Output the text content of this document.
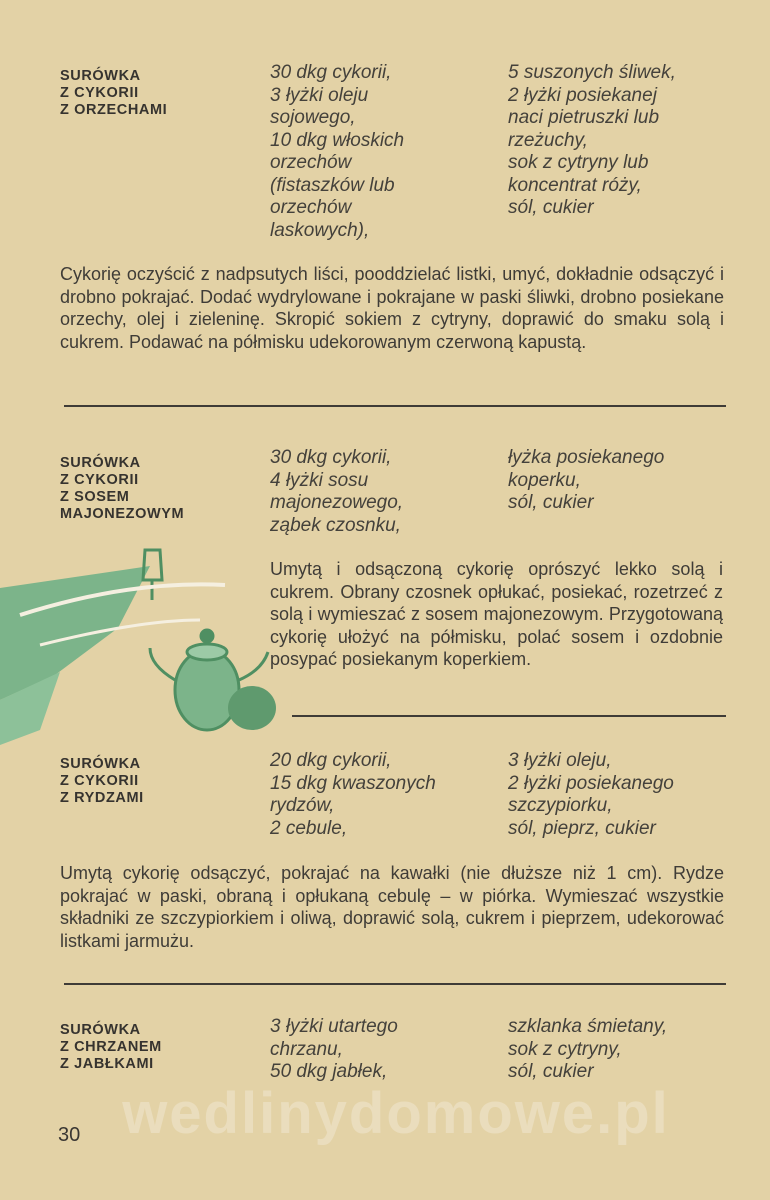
SURÓWKA
Z CYKORII
Z ORZECHAMI
30 dkg cykorii,
3 łyżki oleju
sojowego,
10 dkg włoskich
orzechów
(fistaszków lub
orzechów
laskowych),
5 suszonych śliwek,
2 łyżki posiekanej
naci pietruszki lub
rzeżuchy,
sok z cytryny lub
koncentrat róży,
sól, cukier
Cykorię oczyścić z nadpsutych liści, pooddzielać listki, umyć, dokładnie odsączyć i drobno pokrajać. Dodać wydrylowane i pokrajane w paski śliwki, drobno posiekane orzechy, olej i zieleninę. Skropić sokiem z cytryny, doprawić do smaku solą i cukrem. Podawać na półmisku udekorowanym czerwoną kapustą.
SURÓWKA
Z CYKORII
Z SOSEM
MAJONEZOWYM
30 dkg cykorii,
4 łyżki sosu
majonezowego,
ząbek czosnku,
łyżka posiekanego
koperku,
sól, cukier
Umytą i odsączoną cykorię oprószyć lekko solą i cukrem. Obrany czosnek opłukać, posiekać, rozetrzeć z solą i wymieszać z sosem majonezowym. Przygotowaną cykorię ułożyć na półmisku, polać sosem i ozdobnie posypać posiekanym koperkiem.
SURÓWKA
Z CYKORII
Z RYDZAMI
20 dkg cykorii,
15 dkg kwaszonych
rydzów,
2 cebule,
3 łyżki oleju,
2 łyżki posiekanego
szczypiorku,
sól, pieprz, cukier
Umytą cykorię odsączyć, pokrajać na kawałki (nie dłuższe niż 1 cm). Rydze pokrajać w paski, obraną i opłukaną cebulę – w piórka. Wymieszać wszystkie składniki ze szczypiorkiem i oliwą, doprawić solą, cukrem i pieprzem, udekorować listkami jarmużu.
SURÓWKA
Z CHRZANEM
Z JABŁKAMI
3 łyżki utartego
chrzanu,
50 dkg jabłek,
szklanka śmietany,
sok z cytryny,
sól, cukier
wedlinydomowe.pl
30
